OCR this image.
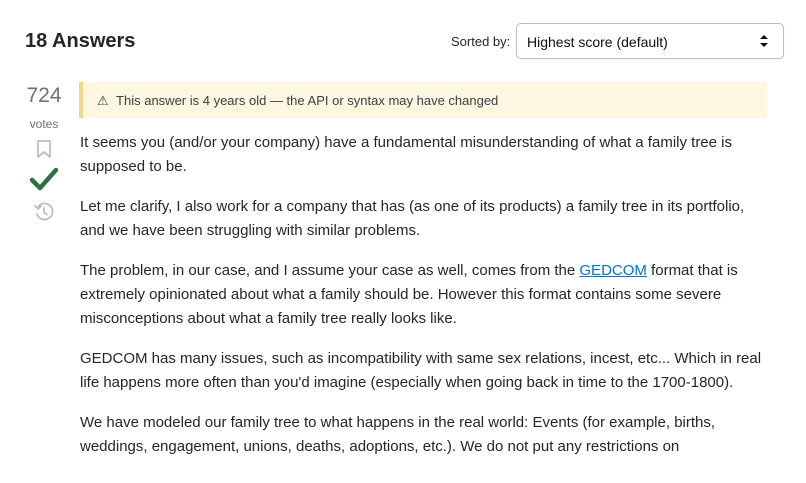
18 Answers	Sorted by:	Highest score (default)
724
votes
⚠ This answer is 4 years old — the API or syntax may have changed

It seems you (and/or your company) have a fundamental misunderstanding of what a family tree is supposed to be.

Let me clarify, I also work for a company that has (as one of its products) a family tree in its portfolio, and we have been struggling with similar problems.

The problem, in our case, and I assume your case as well, comes from the GEDCOM format that is extremely opinionated about what a family should be. However this format contains some severe misconceptions about what a family tree really looks like.

GEDCOM has many issues, such as incompatibility with same sex relations, incest, etc... Which in real life happens more often than you'd imagine (especially when going back in time to the 1700-1800).

We have modeled our family tree to what happens in the real world: Events (for example, births, weddings, engagement, unions, deaths, adoptions, etc.). We do not put any restrictions on
